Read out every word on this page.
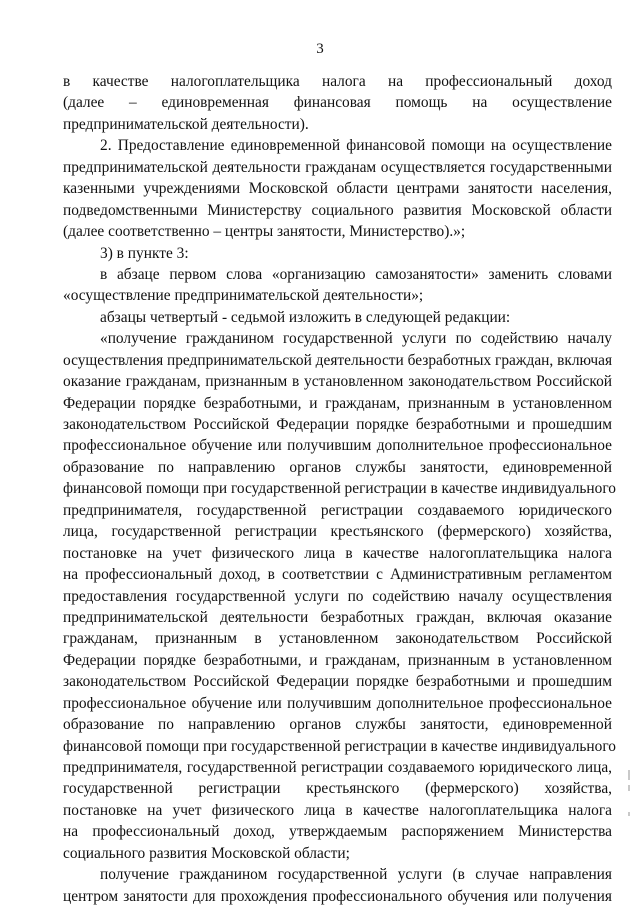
3
в качестве налогоплательщика налога на профессиональный доход
(далее – единовременная финансовая помощь на осуществление
предпринимательской деятельности).
2. Предоставление единовременной финансовой помощи на осуществление
предпринимательской деятельности гражданам осуществляется государственными
казенными учреждениями Московской области центрами занятости населения,
подведомственными Министерству социального развития Московской области
(далее соответственно – центры занятости, Министерство).»;
3) в пункте 3:
в абзаце первом слова «организацию самозанятости» заменить словами
«осуществление предпринимательской деятельности»;
абзацы четвертый - седьмой изложить в следующей редакции:
«получение гражданином государственной услуги по содействию началу
осуществления предпринимательской деятельности безработных граждан, включая
оказание гражданам, признанным в установленном законодательством Российской
Федерации порядке безработными, и гражданам, признанным в установленном
законодательством Российской Федерации порядке безработными и прошедшим
профессиональное обучение или получившим дополнительное профессиональное
образование по направлению органов службы занятости, единовременной
финансовой помощи при государственной регистрации в качестве индивидуального
предпринимателя, государственной регистрации создаваемого юридического
лица, государственной регистрации крестьянского (фермерского) хозяйства,
постановке на учет физического лица в качестве налогоплательщика налога
на профессиональный доход, в соответствии с Административным регламентом
предоставления государственной услуги по содействию началу осуществления
предпринимательской деятельности безработных граждан, включая оказание
гражданам, признанным в установленном законодательством Российской
Федерации порядке безработными, и гражданам, признанным в установленном
законодательством Российской Федерации порядке безработными и прошедшим
профессиональное обучение или получившим дополнительное профессиональное
образование по направлению органов службы занятости, единовременной
финансовой помощи при государственной регистрации в качестве индивидуального
предпринимателя, государственной регистрации создаваемого юридического лица,
государственной регистрации крестьянского (фермерского) хозяйства,
постановке на учет физического лица в качестве налогоплательщика налога
на профессиональный доход, утверждаемым распоряжением Министерства
социального развития Московской области;
получение гражданином государственной услуги (в случае направления
центром занятости для прохождения профессионального обучения или получения
